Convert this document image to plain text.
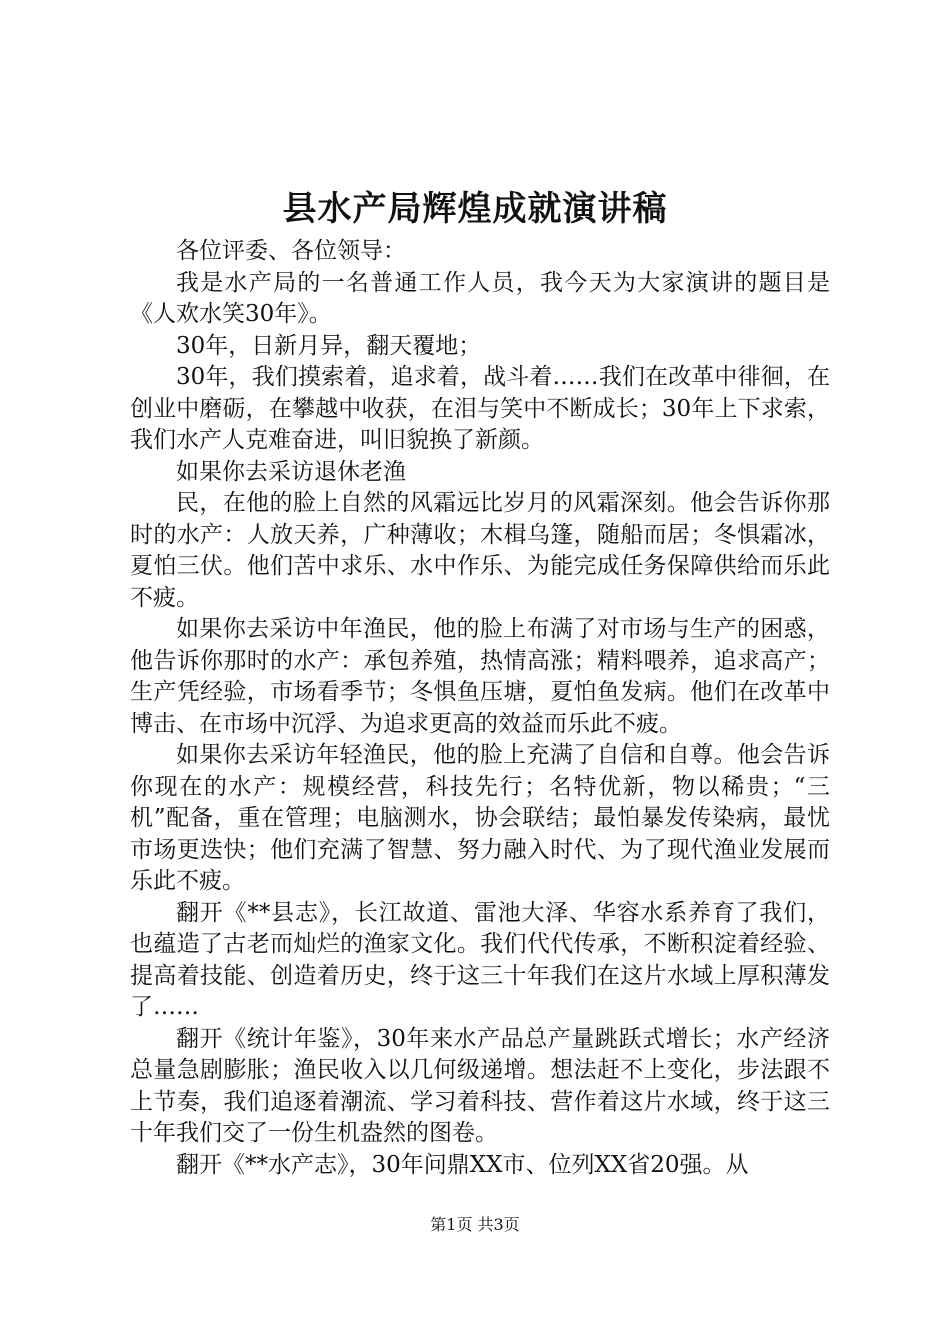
县水产局辉煌成就演讲稿

各位评委、各位领导：

我是水产局的一名普通工作人员，我今天为大家演讲的题目是《人欢水笑30年》。

30年，日新月异，翻天覆地；

30年，我们摸索着，追求着，战斗着……我们在改革中徘徊，在创业中磨砺，在攀越中收获，在泪与笑中不断成长；30年上下求索，我们水产人克难奋进，叫旧貌换了新颜。

如果你去采访退休老渔

民，在他的脸上自然的风霜远比岁月的风霜深刻。他会告诉你那时的水产：人放天养，广种薄收；木楫乌篷，随船而居；冬惧霜冰，夏怕三伏。他们苦中求乐、水中作乐、为能完成任务保障供给而乐此不疲。

如果你去采访中年渔民，他的脸上布满了对市场与生产的困惑，他告诉你那时的水产：承包养殖，热情高涨；精料喂养，追求高产；生产凭经验，市场看季节；冬惧鱼压塘，夏怕鱼发病。他们在改革中博击、在市场中沉浮、为追求更高的效益而乐此不疲。

如果你去采访年轻渔民，他的脸上充满了自信和自尊。他会告诉你现在的水产：规模经营，科技先行；名特优新，物以稀贵；“三机”配备，重在管理；电脑测水，协会联结；最怕暴发传染病，最忧市场更迭快；他们充满了智慧、努力融入时代、为了现代渔业发展而乐此不疲。

翻开《**县志》，长江故道、雷池大泽、华容水系养育了我们，也蕴造了古老而灿烂的渔家文化。我们代代传承，不断积淀着经验、提高着技能、创造着历史，终于这三十年我们在这片水域上厚积薄发了……

翻开《统计年鉴》，30年来水产品总产量跳跃式增长；水产经济总量急剧膨胀；渔民收入以几何级递增。想法赶不上变化，步法跟不上节奏，我们追逐着潮流、学习着科技、营作着这片水域，终于这三十年我们交了一份生机盎然的图卷。

翻开《**水产志》，30年问鼎XX市、位列XX省20强。从

第1页 共3页
